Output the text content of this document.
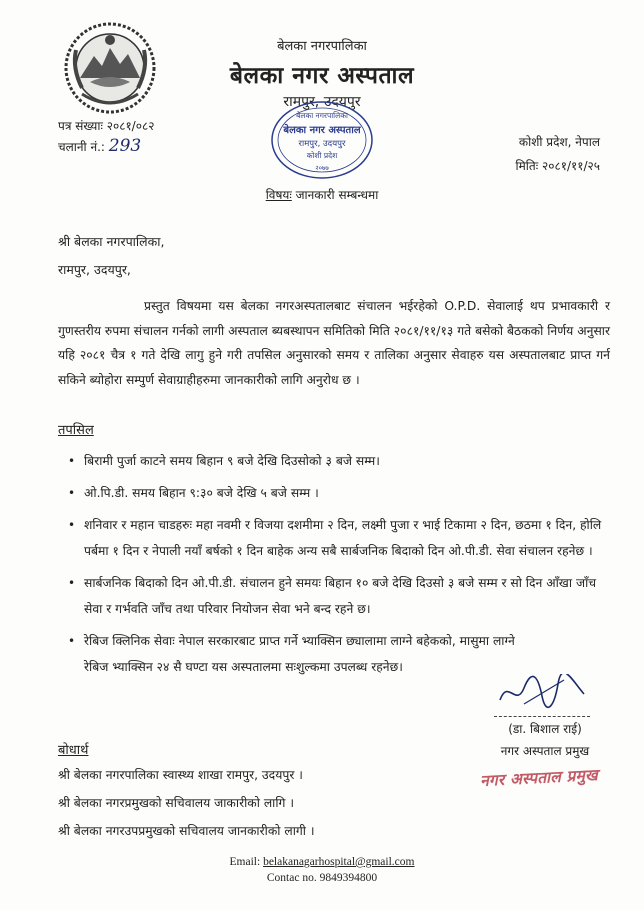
बेलका नगरपालिका
बेलका नगर अस्पताल
रामपुर, उदयपुर
बेलका नगरपालिका
बेलका नगर अस्पताल
रामपुर, उदयपुर
कोशी प्रदेश
२०७७
पत्र संख्याः २०८१/०८२
चलानी नं.: 293	कोशी प्रदेश, नेपाल
मितिः २०८१/११/२५
विषयः जानकारी सम्बन्धमा
श्री बेलका नगरपालिका,
रामपुर, उदयपुर,
प्रस्तुत विषयमा यस बेलका नगरअस्पतालबाट संचालन भईरहेको O.P.D. सेवालाई थप प्रभावकारी र गुणस्तरीय रुपमा संचालन गर्नको लागी अस्पताल ब्यबस्थापन समितिको मिति २०८१/११/१३ गते बसेको बैठकको निर्णय अनुसार यहि २०८१ चैत्र १ गते देखि लागु हुने गरी तपसिल अनुसारको समय र तालिका अनुसार सेवाहरु यस अस्पतालबाट प्राप्त गर्न सकिने ब्योहोरा सम्पुर्ण सेवाग्राहीहरुमा जानकारीको लागि अनुरोध छ ।
तपसिल
• बिरामी पुर्जा काटने समय बिहान ९ बजे देखि दिउसोको ३ बजे सम्म।
• ओ.पि.डी. समय बिहान ९:३० बजे देखि ५ बजे सम्म ।
• शनिवार र महान चाडहरुः महा नवमी र विजया दशमीमा २ दिन, लक्ष्मी पुजा र भाई टिकामा २ दिन, छठमा १ दिन, होलि पर्बमा १ दिन र नेपाली नयाँ बर्षको १ दिन बाहेक अन्य सबै सार्बजनिक बिदाको दिन ओ.पी.डी. सेवा संचालन रहनेछ ।
• सार्बजनिक बिदाको दिन ओ.पी.डी. संचालन हुने समयः बिहान १० बजे देखि दिउसो ३ बजे सम्म र सो दिन आँखा जाँच सेवा र गर्भवति जाँच तथा परिवार नियोजन सेवा भने बन्द रहने छ।
• रेबिज क्लिनिक सेवाः नेपाल सरकारबाट प्राप्त गर्ने भ्याक्सिन छ्यालामा लाग्ने बहेकको, मासुमा लाग्ने रेबिज भ्याक्सिन २४ सै घण्टा यस अस्पतालमा सःशुल्कमा उपलब्ध रहनेछ।
(डा. बिशाल राई)
नगर अस्पताल प्रमुख
नगर अस्पताल प्रमुख
बोधार्थ
श्री बेलका नगरपालिका स्वास्थ्य शाखा रामपुर, उदयपुर ।
श्री बेलका नगरप्रमुखको सचिवालय जाकारीको लागि ।
श्री बेलका नगरउपप्रमुखको सचिवालय जानकारीको लागी ।
Email: belakanagarhospital@gmail.com
Contac no. 9849394800
